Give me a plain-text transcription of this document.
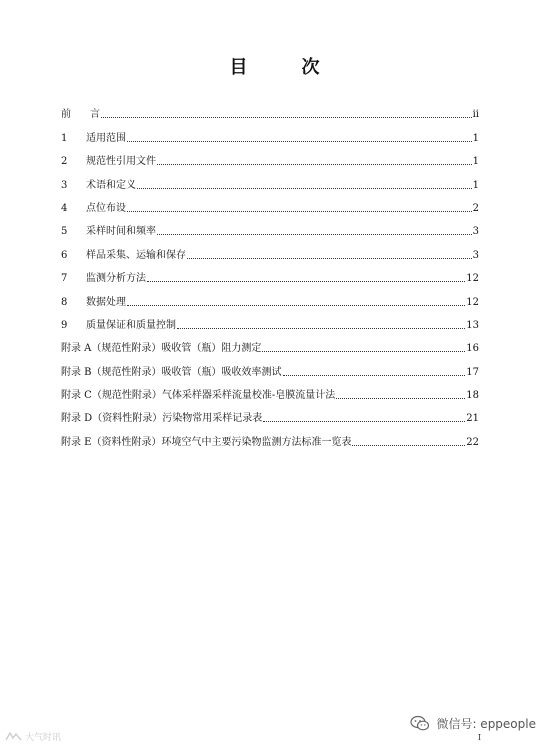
目　次
前	言	ii
1	适用范围	1
2	规范性引用文件	1
3	术语和定义	1
4	点位布设	2
5	采样时间和频率	3
6	样品采集、运输和保存	3
7	监测分析方法	12
8	数据处理	12
9	质量保证和质量控制	13
附录 A（规范性附录）吸收管（瓶）阻力测定	16
附录 B（规范性附录）吸收管（瓶）吸收效率测试	17
附录 C（规范性附录）气体采样器采样流量校准-皂膜流量计法	18
附录 D（资料性附录）污染物常用采样记录表	21
附录 E（资料性附录）环境空气中主要污染物监测方法标准一览表	22
I
大气时讯
微信号: eppeople
